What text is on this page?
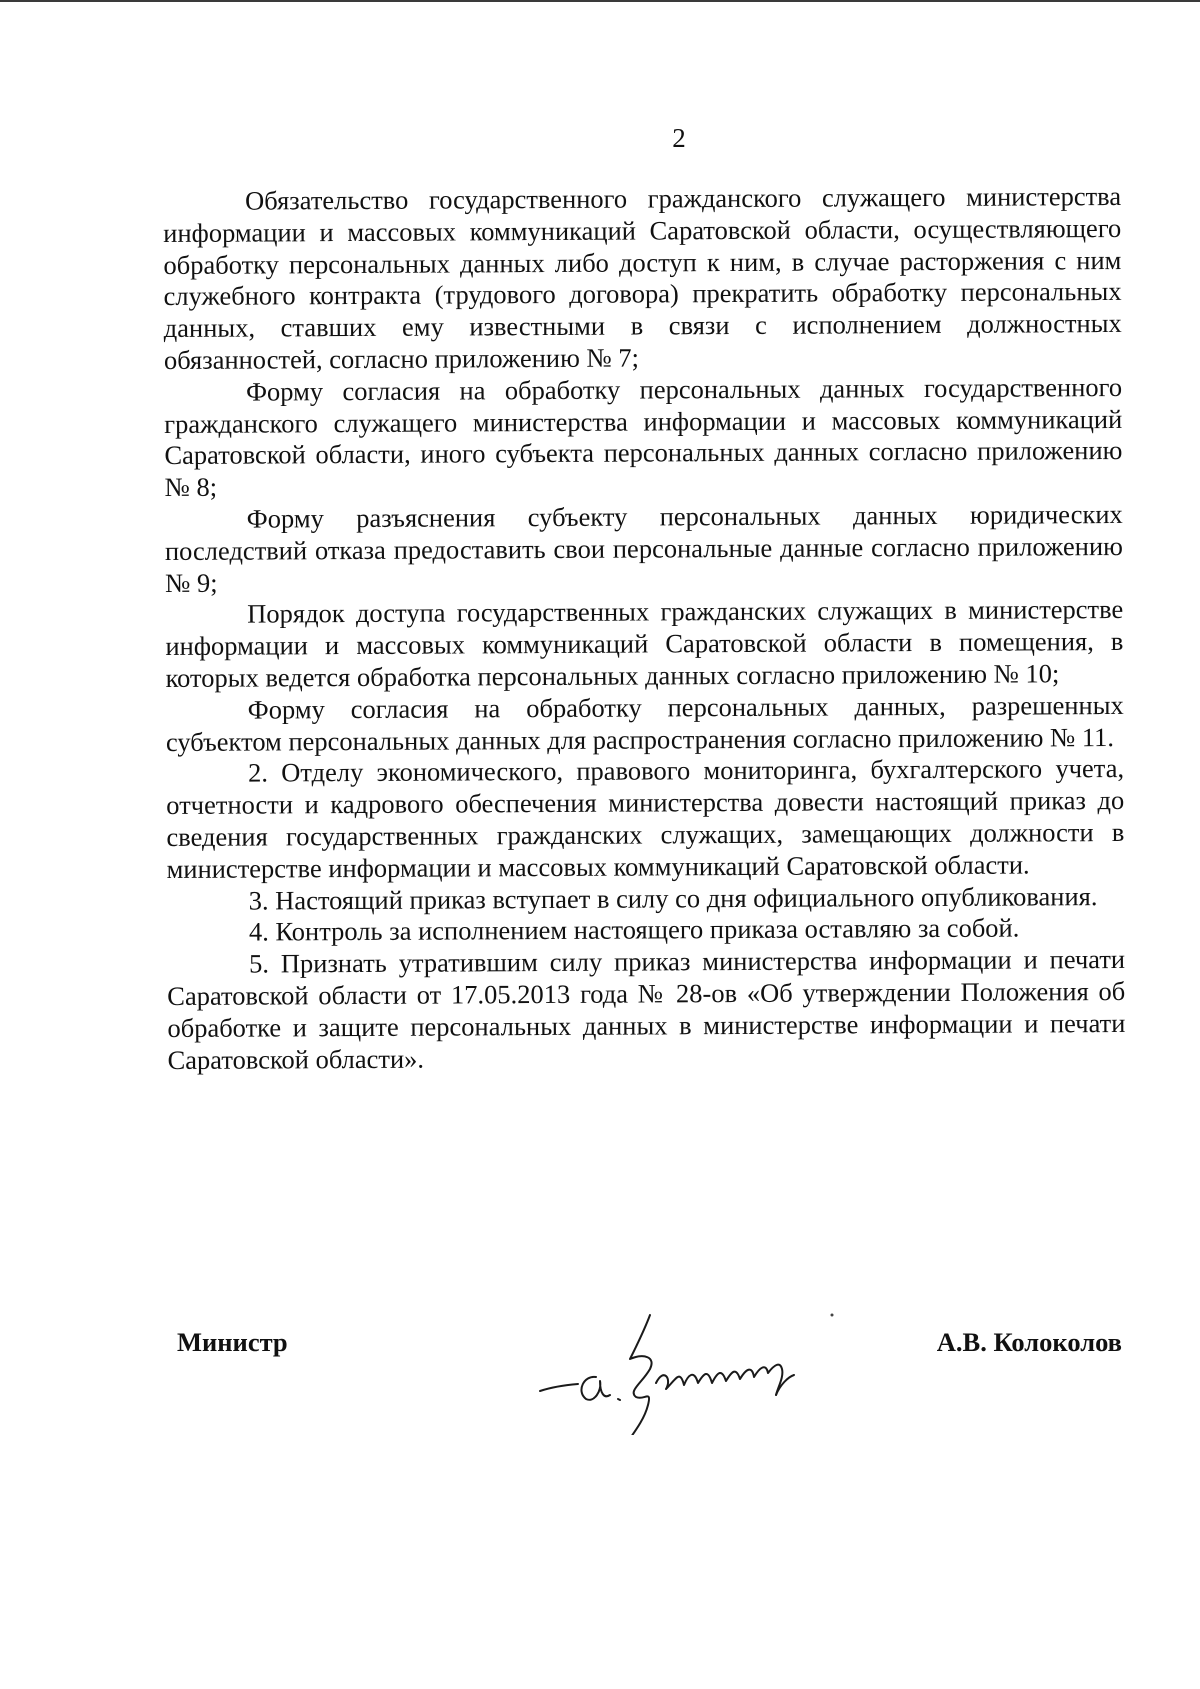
2

Обязательство государственного гражданского служащего министерства информации и массовых коммуникаций Саратовской области, осуществляющего обработку персональных данных либо доступ к ним, в случае расторжения с ним служебного контракта (трудового договора) прекратить обработку персональных данных, ставших ему известными в связи с исполнением должностных обязанностей, согласно приложению № 7;

Форму согласия на обработку персональных данных государственного гражданского служащего министерства информации и массовых коммуникаций Саратовской области, иного субъекта персональных данных согласно приложению № 8;

Форму разъяснения субъекту персональных данных юридических последствий отказа предоставить свои персональные данные согласно приложению № 9;

Порядок доступа государственных гражданских служащих в министерстве информации и массовых коммуникаций Саратовской области в помещения, в которых ведется обработка персональных данных согласно приложению № 10;

Форму согласия на обработку персональных данных, разрешенных субъектом персональных данных для распространения согласно приложению № 11.

2. Отделу экономического, правового мониторинга, бухгалтерского учета, отчетности и кадрового обеспечения министерства довести настоящий приказ до сведения государственных гражданских служащих, замещающих должности в министерстве информации и массовых коммуникаций Саратовской области.

3. Настоящий приказ вступает в силу со дня официального опубликования.

4. Контроль за исполнением настоящего приказа оставляю за собой.

5. Признать утратившим силу приказ министерства информации и печати Саратовской области от 17.05.2013 года № 28-ов «Об утверждении Положения об обработке и защите персональных данных в министерстве информации и печати Саратовской области».

Министр	А.В. Колоколов
